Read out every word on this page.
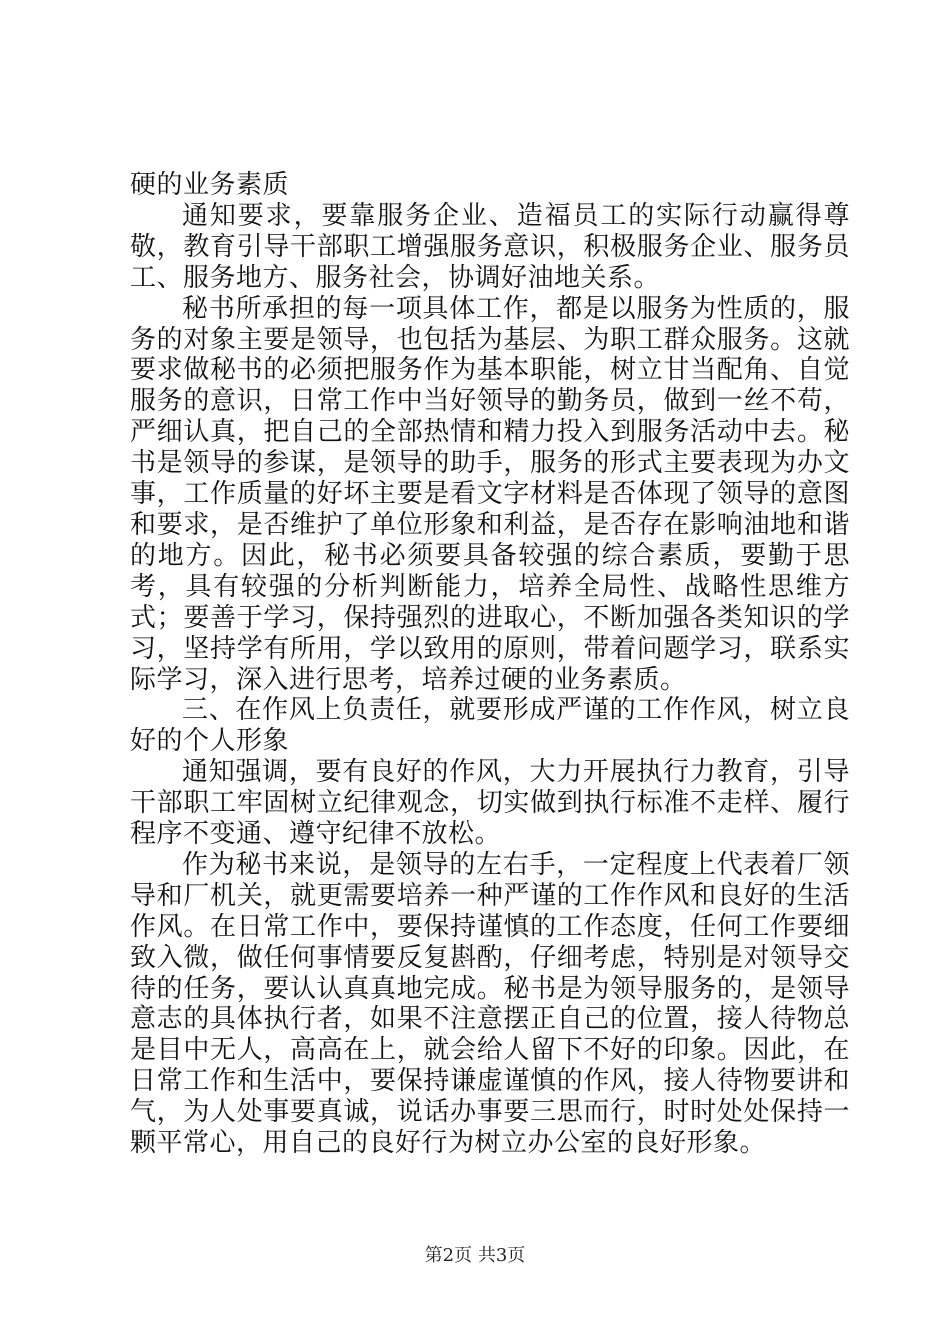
硬的业务素质

通知要求，要靠服务企业、造福员工的实际行动赢得尊敬，教育引导干部职工增强服务意识，积极服务企业、服务员工、服务地方、服务社会，协调好油地关系。

秘书所承担的每一项具体工作，都是以服务为性质的，服务的对象主要是领导，也包括为基层、为职工群众服务。这就要求做秘书的必须把服务作为基本职能，树立甘当配角、自觉服务的意识，日常工作中当好领导的勤务员，做到一丝不苟，严细认真，把自己的全部热情和精力投入到服务活动中去。秘书是领导的参谋，是领导的助手，服务的形式主要表现为办文事，工作质量的好坏主要是看文字材料是否体现了领导的意图和要求，是否维护了单位形象和利益，是否存在影响油地和谐的地方。因此，秘书必须要具备较强的综合素质，要勤于思考，具有较强的分析判断能力，培养全局性、战略性思维方式；要善于学习，保持强烈的进取心，不断加强各类知识的学习，坚持学有所用，学以致用的原则，带着问题学习，联系实际学习，深入进行思考，培养过硬的业务素质。

三、在作风上负责任，就要形成严谨的工作作风，树立良好的个人形象

通知强调，要有良好的作风，大力开展执行力教育，引导干部职工牢固树立纪律观念，切实做到执行标准不走样、履行程序不变通、遵守纪律不放松。

作为秘书来说，是领导的左右手，一定程度上代表着厂领导和厂机关，就更需要培养一种严谨的工作作风和良好的生活作风。在日常工作中，要保持谨慎的工作态度，任何工作要细致入微，做任何事情要反复斟酌，仔细考虑，特别是对领导交待的任务，要认认真真地完成。秘书是为领导服务的，是领导意志的具体执行者，如果不注意摆正自己的位置，接人待物总是目中无人，高高在上，就会给人留下不好的印象。因此，在日常工作和生活中，要保持谦虚谨慎的作风，接人待物要讲和气，为人处事要真诚，说话办事要三思而行，时时处处保持一颗平常心，用自己的良好行为树立办公室的良好形象。

第2页 共3页
